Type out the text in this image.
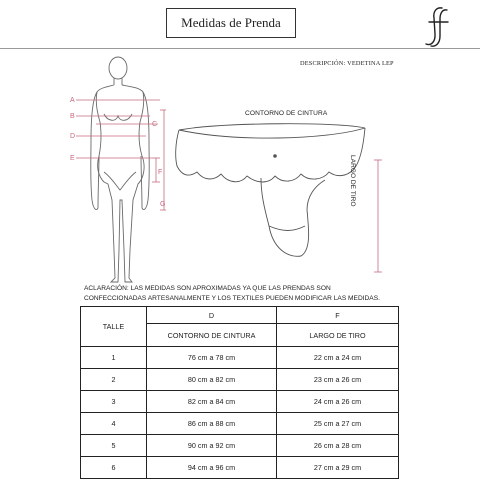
Medidas de Prenda
DESCRIPCIÓN: VEDETINA LEP
A
B
C
D
E
F
G
CONTORNO DE CINTURA
LARGO DE TIRO
ACLARACIÓN: LAS MEDIDAS SON APROXIMADAS YA QUE LAS PRENDAS SON CONFECCIONADAS ARTESANALMENTE Y LOS TEXTILES PUEDEN MODIFICAR LAS MEDIDAS.
TALLE	D	F
	CONTORNO DE CINTURA	LARGO DE TIRO
1	76 cm a 78 cm	22 cm a 24 cm
2	80 cm a 82 cm	23 cm a 26 cm
3	82 cm a 84 cm	24 cm a 26 cm
4	86 cm a 88 cm	25 cm a 27 cm
5	90 cm a 92 cm	26 cm a 28 cm
6	94 cm a 96 cm	27 cm a 29 cm
